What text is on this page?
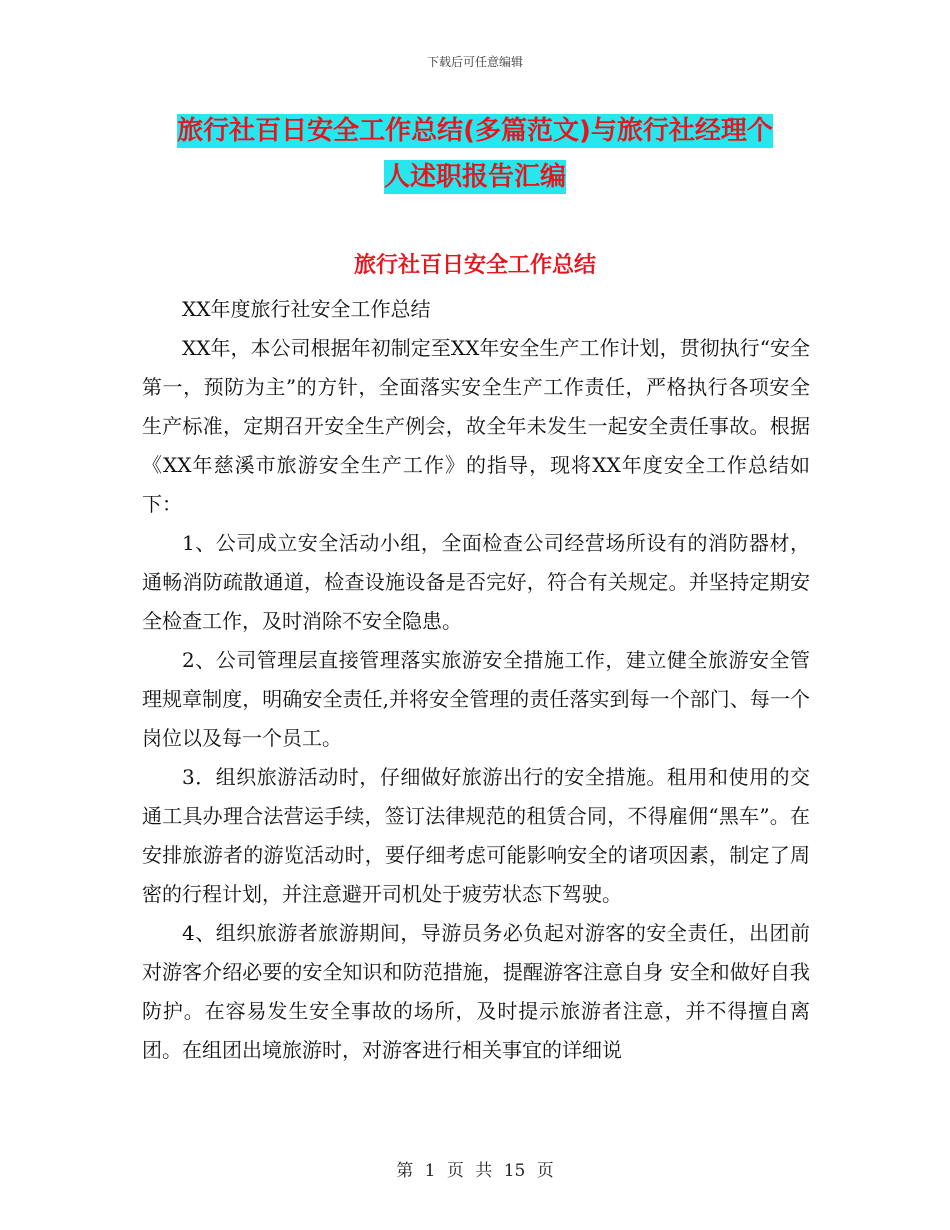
下载后可任意编辑
旅行社百日安全工作总结(多篇范文)与旅行社经理个
人述职报告汇编
旅行社百日安全工作总结

XX年度旅行社安全工作总结

XX年，本公司根据年初制定至XX年安全生产工作计划，贯彻执行“安全第一，预防为主”的方针，全面落实安全生产工作责任，严格执行各项安全生产标准，定期召开安全生产例会，故全年未发生一起安全责任事故。根据《XX年慈溪市旅游安全生产工作》的指导，现将XX年度安全工作总结如下：

1、公司成立安全活动小组，全面检查公司经营场所设有的消防器材，通畅消防疏散通道，检查设施设备是否完好，符合有关规定。并坚持定期安全检查工作，及时消除不安全隐患。

2、公司管理层直接管理落实旅游安全措施工作，建立健全旅游安全管理规章制度，明确安全责任,并将安全管理的责任落实到每一个部门、每一个岗位以及每一个员工。

3．组织旅游活动时，仔细做好旅游出行的安全措施。租用和使用的交通工具办理合法营运手续，签订法律规范的租赁合同，不得雇佣“黑车”。在安排旅游者的游览活动时，要仔细考虑可能影响安全的诸项因素，制定了周密的行程计划，并注意避开司机处于疲劳状态下驾驶。

4、组织旅游者旅游期间，导游员务必负起对游客的安全责任，出团前对游客介绍必要的安全知识和防范措施，提醒游客注意自身 安全和做好自我防护。在容易发生安全事故的场所，及时提示旅游者注意，并不得擅自离团。在组团出境旅游时，对游客进行相关事宜的详细说

第 1 页 共 15 页
